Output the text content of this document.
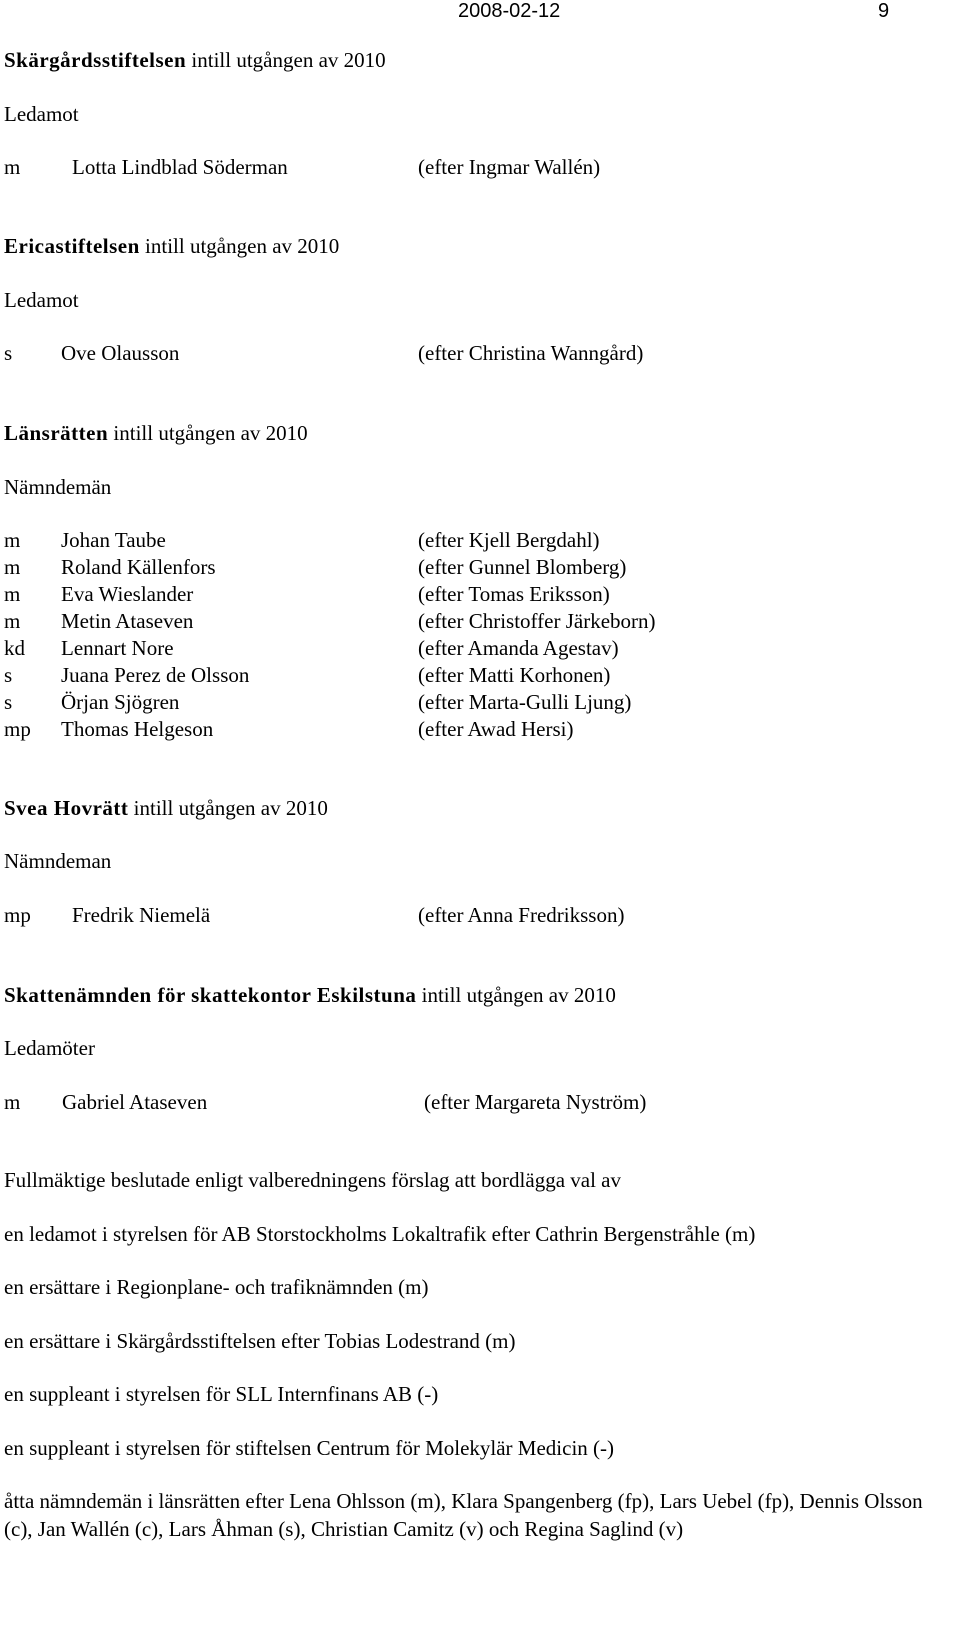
2008-02-12	9
Skärgårdsstiftelsen intill utgången av 2010
Ledamot
m Lotta Lindblad Söderman	(efter Ingmar Wallén)
Ericastiftelsen intill utgången av 2010
Ledamot
s Ove Olausson	(efter Christina Wanngård)
Länsrätten intill utgången av 2010
Nämndemän
m Johan Taube	(efter Kjell Bergdahl)
m Roland Källenfors	(efter Gunnel Blomberg)
m Eva Wieslander	(efter Tomas Eriksson)
m Metin Ataseven	(efter Christoffer Järkeborn)
kd Lennart Nore	(efter Amanda Agestav)
s Juana Perez de Olsson	(efter Matti Korhonen)
s Örjan Sjögren	(efter Marta-Gulli Ljung)
mp Thomas Helgeson	(efter Awad Hersi)
Svea Hovrätt intill utgången av 2010
Nämndeman
mp Fredrik Niemelä	(efter Anna Fredriksson)
Skattenämnden för skattekontor Eskilstuna intill utgången av 2010
Ledamöter
m Gabriel Ataseven	(efter Margareta Nyström)
Fullmäktige beslutade enligt valberedningens förslag att bordlägga val av
en ledamot i styrelsen för AB Storstockholms Lokaltrafik efter Cathrin Bergenstråhle (m)
en ersättare i Regionplane- och trafiknämnden (m)
en ersättare i Skärgårdsstiftelsen efter Tobias Lodestrand (m)
en suppleant i styrelsen för SLL Internfinans AB (-)
en suppleant i styrelsen för stiftelsen Centrum för Molekylär Medicin (-)
åtta nämndemän i länsrätten efter Lena Ohlsson (m), Klara Spangenberg (fp), Lars Uebel (fp), Dennis Olsson (c), Jan Wallén (c), Lars Åhman (s), Christian Camitz (v) och Regina Saglind (v)
